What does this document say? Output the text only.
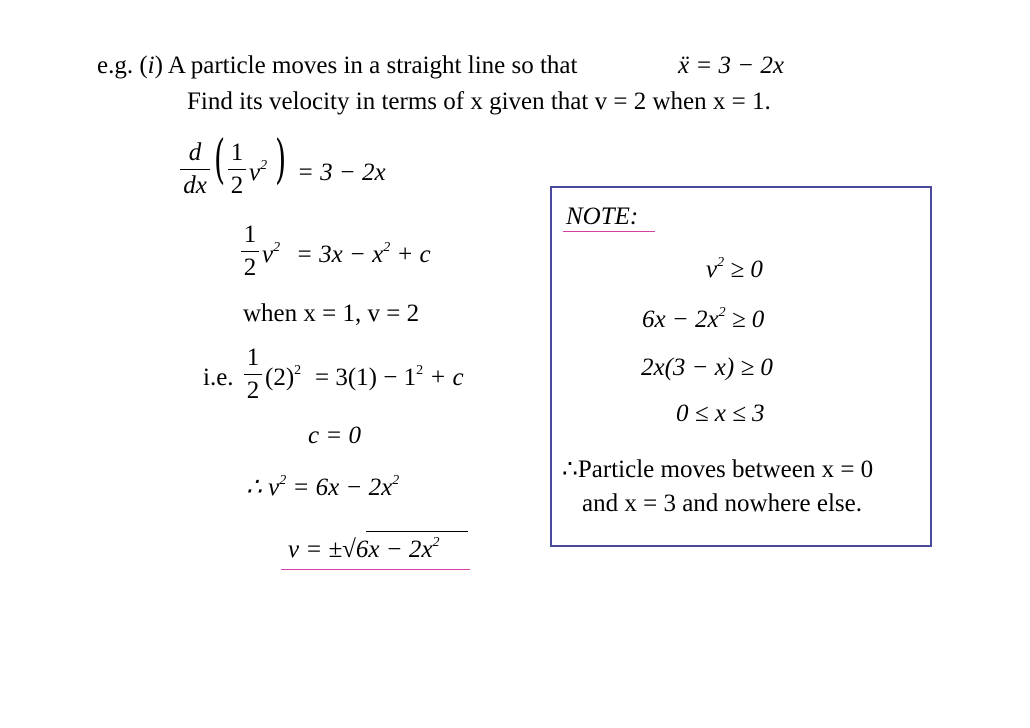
e.g. (i) A particle moves in a straight line so that	ẍ = 3 − 2x
Find its velocity in terms of x given that v = 2 when x = 1.
d
dx ( 1
2 $v^2$ ) = 3 − 2x
1
2 $v^2 = 3x - x^2 + c$
when x = 1, v = 2
i.e.
1
2 $(2)^2 = 3(1) - 1^2 + c$
c = 0
∴ $v^2 = 6x - 2x^2$
$v = \pm√6x - 2x^2$
NOTE:
$v^2 \ge 0$
$6x - 2x^2 \ge 0$
2x(3 − x) ≥ 0
0 ≤ x ≤ 3
∴Particle moves between x = 0
and x = 3 and nowhere else.
